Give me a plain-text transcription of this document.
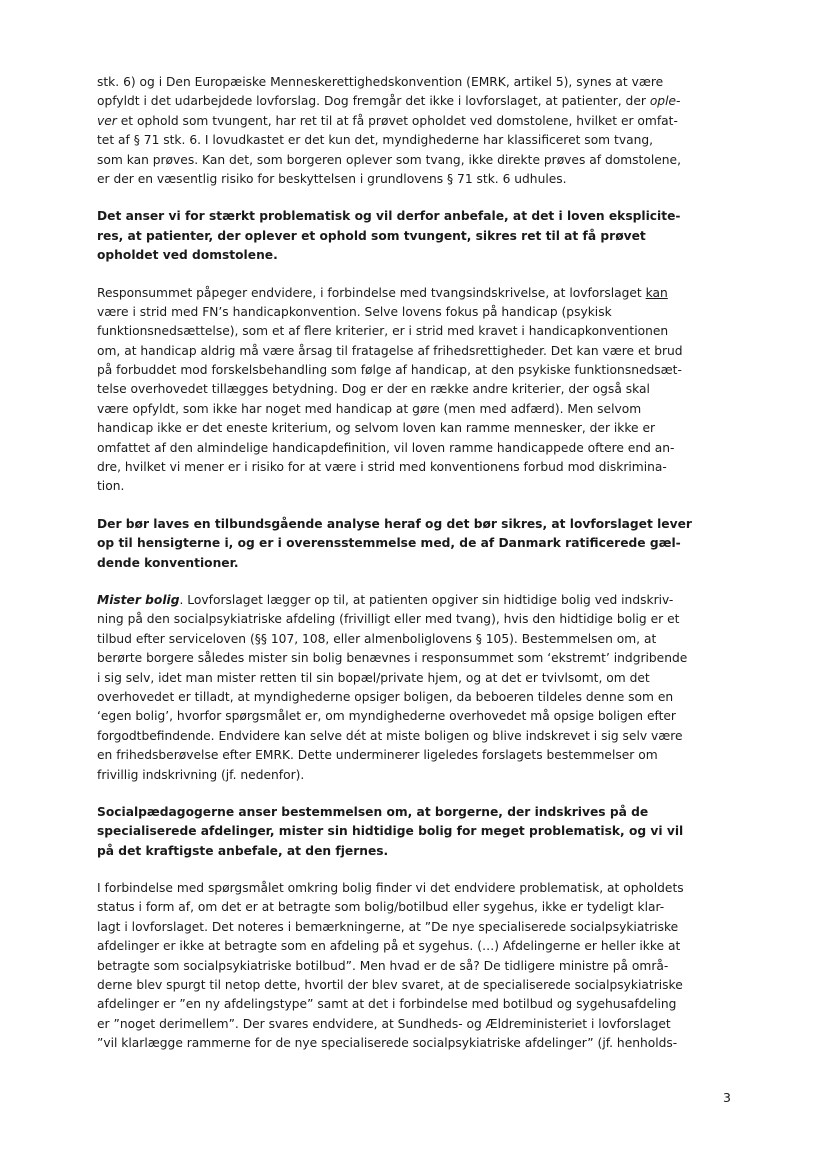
stk. 6) og i Den Europæiske Menneskerettighedskonvention (EMRK, artikel 5), synes at være
opfyldt i det udarbejdede lovforslag. Dog fremgår det ikke i lovforslaget, at patienter, der ople-
ver et ophold som tvungent, har ret til at få prøvet opholdet ved domstolene, hvilket er omfat-
tet af § 71 stk. 6. I lovudkastet er det kun det, myndighederne har klassificeret som tvang,
som kan prøves. Kan det, som borgeren oplever som tvang, ikke direkte prøves af domstolene,
er der en væsentlig risiko for beskyttelsen i grundlovens § 71 stk. 6 udhules.
Det anser vi for stærkt problematisk og vil derfor anbefale, at det i loven eksplicite-
res, at patienter, der oplever et ophold som tvungent, sikres ret til at få prøvet
opholdet ved domstolene.
Responsummet påpeger endvidere, i forbindelse med tvangsindskrivelse, at lovforslaget kan
være i strid med FN’s handicapkonvention. Selve lovens fokus på handicap (psykisk
funktionsnedsættelse), som et af flere kriterier, er i strid med kravet i handicapkonventionen
om, at handicap aldrig må være årsag til fratagelse af frihedsrettigheder. Det kan være et brud
på forbuddet mod forskelsbehandling som følge af handicap, at den psykiske funktionsnedsæt-
telse overhovedet tillægges betydning. Dog er der en række andre kriterier, der også skal
være opfyldt, som ikke har noget med handicap at gøre (men med adfærd). Men selvom
handicap ikke er det eneste kriterium, og selvom loven kan ramme mennesker, der ikke er
omfattet af den almindelige handicapdefinition, vil loven ramme handicappede oftere end an-
dre, hvilket vi mener er i risiko for at være i strid med konventionens forbud mod diskrimina-
tion.
Der bør laves en tilbundsgående analyse heraf og det bør sikres, at lovforslaget lever
op til hensigterne i, og er i overensstemmelse med, de af Danmark ratificerede gæl-
dende konventioner.
Mister bolig. Lovforslaget lægger op til, at patienten opgiver sin hidtidige bolig ved indskriv-
ning på den socialpsykiatriske afdeling (frivilligt eller med tvang), hvis den hidtidige bolig er et
tilbud efter serviceloven (§§ 107, 108, eller almenboliglovens § 105). Bestemmelsen om, at
berørte borgere således mister sin bolig benævnes i responsummet som ‘ekstremt’ indgribende
i sig selv, idet man mister retten til sin bopæl/private hjem, og at det er tvivlsomt, om det
overhovedet er tilladt, at myndighederne opsiger boligen, da beboeren tildeles denne som en
‘egen bolig’, hvorfor spørgsmålet er, om myndighederne overhovedet må opsige boligen efter
forgodtbefindende. Endvidere kan selve dét at miste boligen og blive indskrevet i sig selv være
en frihedsberøvelse efter EMRK. Dette underminerer ligeledes forslagets bestemmelser om
frivillig indskrivning (jf. nedenfor).
Socialpædagogerne anser bestemmelsen om, at borgerne, der indskrives på de
specialiserede afdelinger, mister sin hidtidige bolig for meget problematisk, og vi vil
på det kraftigste anbefale, at den fjernes.
I forbindelse med spørgsmålet omkring bolig finder vi det endvidere problematisk, at opholdets
status i form af, om det er at betragte som bolig/botilbud eller sygehus, ikke er tydeligt klar-
lagt i lovforslaget. Det noteres i bemærkningerne, at ”De nye specialiserede socialpsykiatriske
afdelinger er ikke at betragte som en afdeling på et sygehus. (…) Afdelingerne er heller ikke at
betragte som socialpsykiatriske botilbud”. Men hvad er de så? De tidligere ministre på områ-
derne blev spurgt til netop dette, hvortil der blev svaret, at de specialiserede socialpsykiatriske
afdelinger er ”en ny afdelingstype” samt at det i forbindelse med botilbud og sygehusafdeling
er ”noget derimellem”. Der svares endvidere, at Sundheds- og Ældreministeriet i lovforslaget
”vil klarlægge rammerne for de nye specialiserede socialpsykiatriske afdelinger” (jf. henholds-
3
